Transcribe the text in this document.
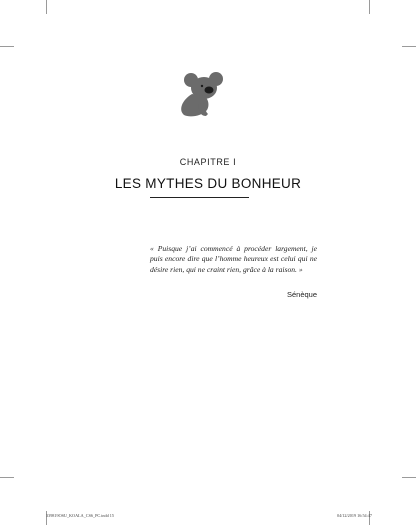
CHAPITRE I
LES MYTHES DU BONHEUR
« Puisque j’ai commencé à procéder largement, je puis encore dire que l’homme heureux est celui qui ne désire rien, qui ne craint rien, grâce à la raison. »
Sénèque
339819OSU_KOALA_CS6_PC.indd 15	04/12/2019 16:54:47
